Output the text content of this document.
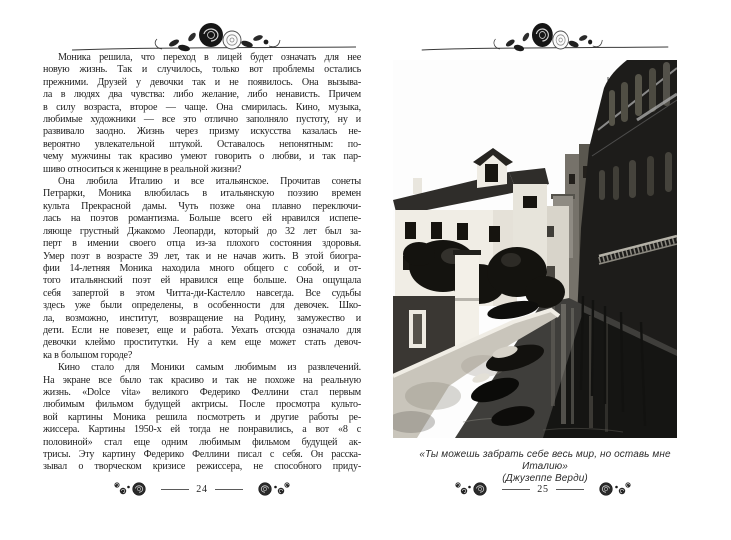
Моника решила, что переход в лицей будет означать для нее
новую жизнь. Так и случилось, только вот проблемы остались
прежними. Друзей у девочки так и не появилось. Она вызыва-
ла в людях два чувства: либо желание, либо ненависть. Причем
в силу возраста, второе — чаще. Она смирилась. Кино, музыка,
любимые художники — все это отлично заполняло пустоту, ну и
развивало заодно. Жизнь через призму искусства казалась не-
вероятно увлекательной штукой. Оставалось непонятным: по-
чему мужчины так красиво умеют говорить о любви, и так пар-
шиво относиться к женщине в реальной жизни?
Она любила Италию и все итальянское. Прочитав сонеты
Петрарки, Моника влюбилась в итальянскую поэзию времен
культа Прекрасной дамы. Чуть позже она плавно переключи-
лась на поэтов романтизма. Больше всего ей нравился испепе-
ляюще грустный Джакомо Леопарди, который до 32 лет был за-
перт в имении своего отца из-за плохого состояния здоровья.
Умер поэт в возрасте 39 лет, так и не начав жить. В этой биогра-
фии 14-летняя Моника находила много общего с собой, и от-
того итальянский поэт ей нравился еще больше. Она ощущала
себя запертой в этом Читта-ди-Кастелло навсегда. Все судьбы
здесь уже были определены, в особенности для девочек. Шко-
ла, возможно, институт, возвращение на Родину, замужество и
дети. Если не повезет, еще и работа. Уехать отсюда означало для
девочки клеймо проститутки. Ну а кем еще может стать девоч-
ка в большом городе?
Кино стало для Моники самым любимым из развлечений.
На экране все было так красиво и так не похоже на реальную
жизнь. «Dolce vita» великого Федерико Феллини стал первым
любимым фильмом будущей актрисы. После просмотра культо-
вой картины Моника решила посмотреть и другие работы ре-
жиссера. Картины 1950-х ей тогда не понравились, а вот «8 с
половиной» стал еще одним любимым фильмом будущей ак-
трисы. Эту картину Федерико Феллини писал с себя. Он расска-
зывал о творческом кризисе режиссера, не способного приду-
24
«Ты можешь забрать себе весь мир, но оставь мне Италию»
(Джузеппе Верди)
25
